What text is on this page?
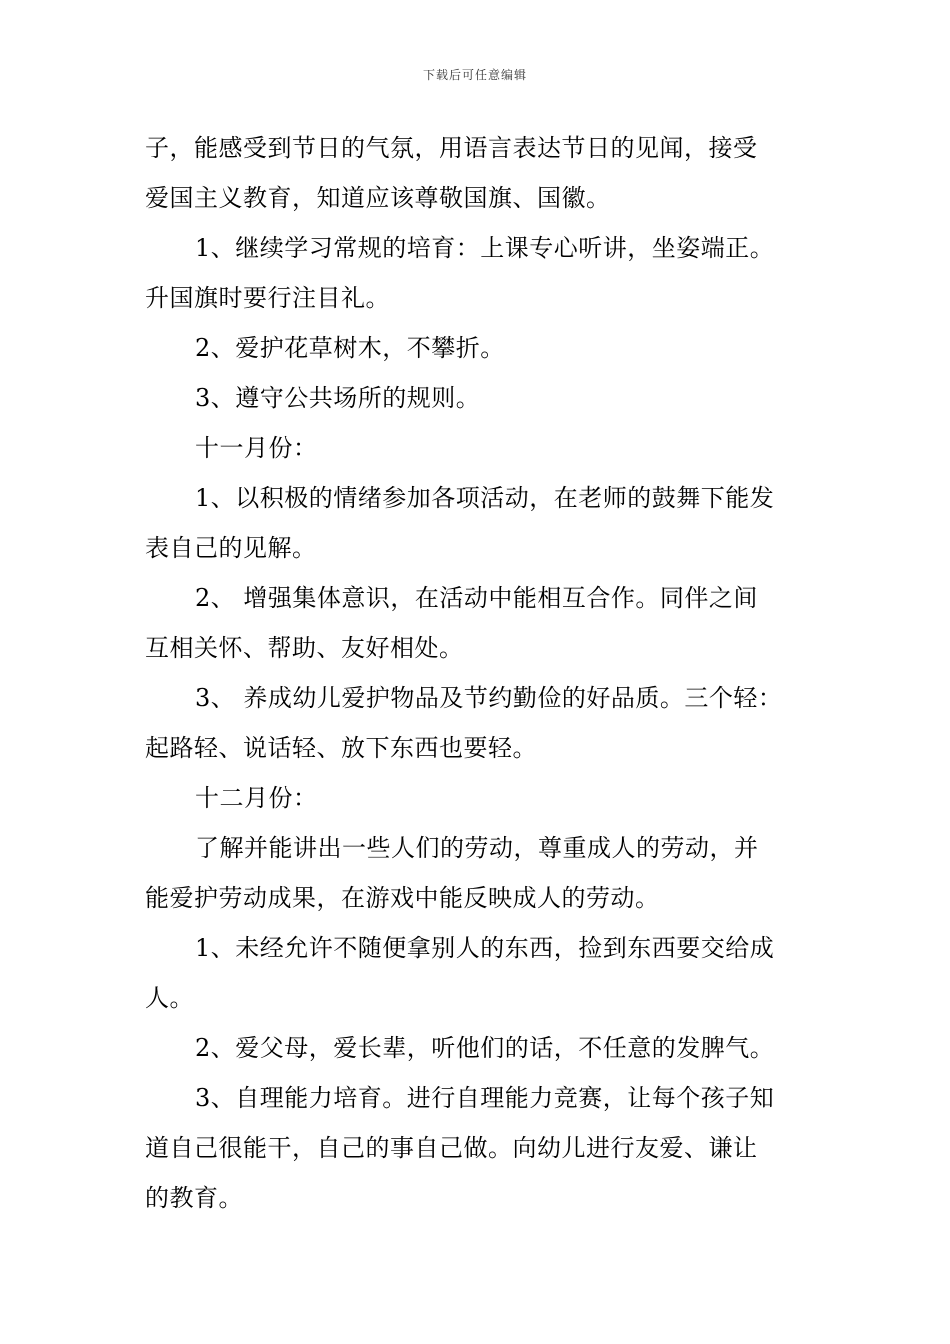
下载后可任意编辑
子，能感受到节日的气氛，用语言表达节日的见闻，接受
爱国主义教育，知道应该尊敬国旗、国徽。
1、继续学习常规的培育：上课专心听讲，坐姿端正。
升国旗时要行注目礼。
2、爱护花草树木，不攀折。
3、遵守公共场所的规则。
十一月份：
1、以积极的情绪参加各项活动，在老师的鼓舞下能发
表自己的见解。
2、 增强集体意识，在活动中能相互合作。同伴之间
互相关怀、帮助、友好相处。
3、 养成幼儿爱护物品及节约勤俭的好品质。三个轻：
起路轻、说话轻、放下东西也要轻。
十二月份：
了解并能讲出一些人们的劳动，尊重成人的劳动，并
能爱护劳动成果，在游戏中能反映成人的劳动。
1、未经允许不随便拿别人的东西，捡到东西要交给成
人。
2、爱父母，爱长辈，听他们的话，不任意的发脾气。
3、自理能力培育。进行自理能力竞赛，让每个孩子知
道自己很能干，自己的事自己做。向幼儿进行友爱、谦让
的教育。
